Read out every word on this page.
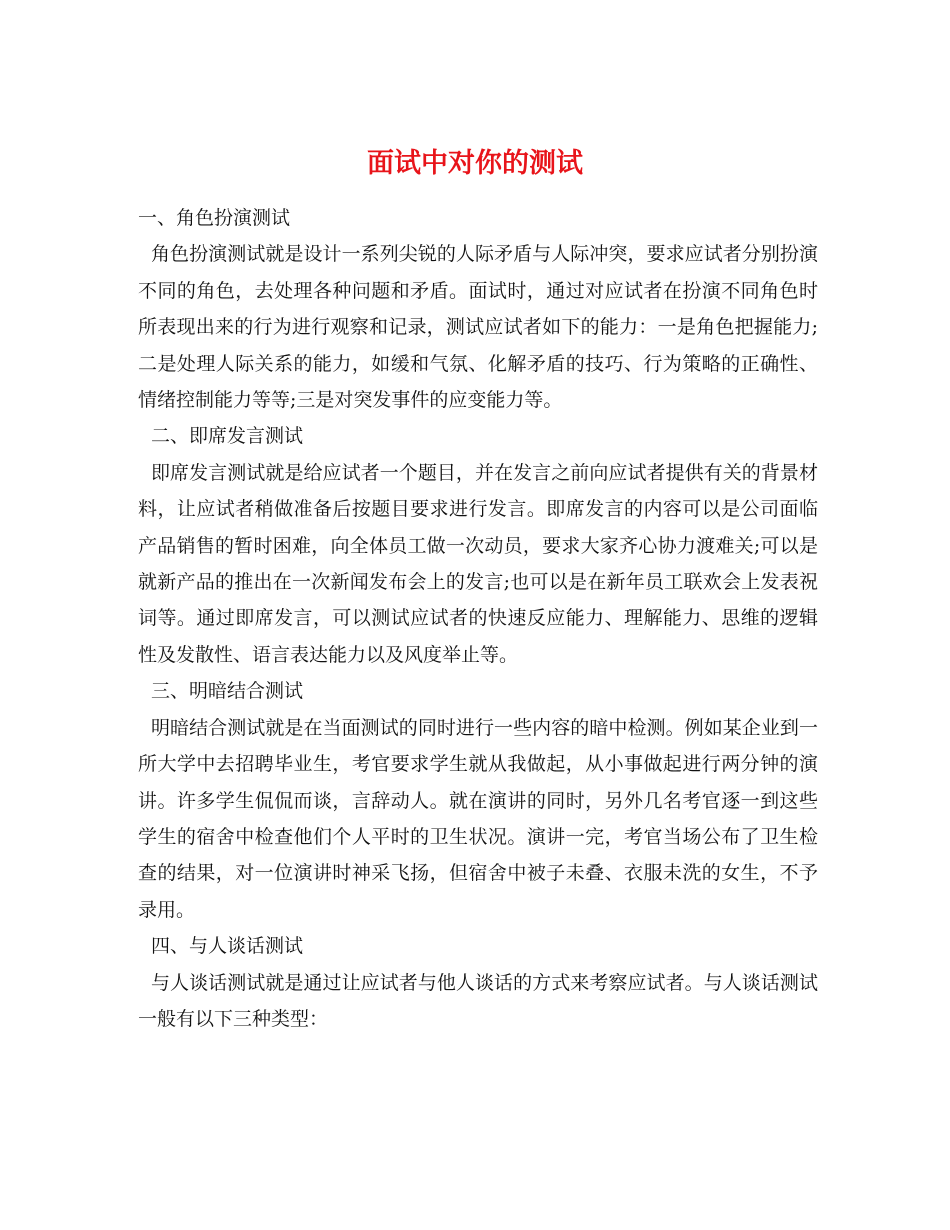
面试中对你的测试

一、角色扮演测试

角色扮演测试就是设计一系列尖锐的人际矛盾与人际冲突，要求应试者分别扮演不同的角色，去处理各种问题和矛盾。面试时，通过对应试者在扮演不同角色时所表现出来的行为进行观察和记录，测试应试者如下的能力：一是角色把握能力;二是处理人际关系的能力，如缓和气氛、化解矛盾的技巧、行为策略的正确性、情绪控制能力等等;三是对突发事件的应变能力等。

二、即席发言测试

即席发言测试就是给应试者一个题目，并在发言之前向应试者提供有关的背景材料，让应试者稍做准备后按题目要求进行发言。即席发言的内容可以是公司面临产品销售的暂时困难，向全体员工做一次动员，要求大家齐心协力渡难关;可以是就新产品的推出在一次新闻发布会上的发言;也可以是在新年员工联欢会上发表祝词等。通过即席发言，可以测试应试者的快速反应能力、理解能力、思维的逻辑性及发散性、语言表达能力以及风度举止等。

三、明暗结合测试

明暗结合测试就是在当面测试的同时进行一些内容的暗中检测。例如某企业到一所大学中去招聘毕业生，考官要求学生就从我做起，从小事做起进行两分钟的演讲。许多学生侃侃而谈，言辞动人。就在演讲的同时，另外几名考官逐一到这些学生的宿舍中检查他们个人平时的卫生状况。演讲一完，考官当场公布了卫生检查的结果，对一位演讲时神采飞扬，但宿舍中被子未叠、衣服未洗的女生，不予录用。

四、与人谈话测试

与人谈话测试就是通过让应试者与他人谈话的方式来考察应试者。与人谈话测试一般有以下三种类型：
